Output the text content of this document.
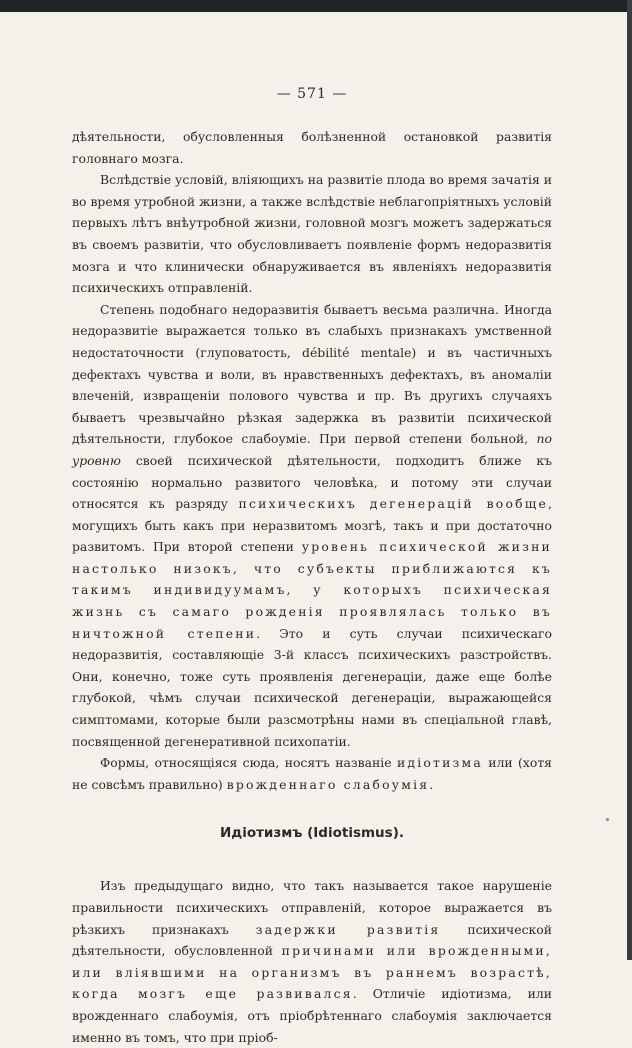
— 571 —

дѣятельности, обусловленныя болѣзненной остановкой развитія головнаго мозга.

Вслѣдствіе условій, вліяющихъ на развитіе плода во время зачатія и во время утробной жизни, а также вслѣдствіе неблагопріятныхъ условій первыхъ лѣтъ внѣутробной жизни, головной мозгъ можетъ задержаться въ своемъ развитіи, что обусловливаетъ появленіе формъ недоразвитія мозга и что клинически обнаруживается въ явленіяхъ недоразвитія психическихъ отправленій.

Степень подобнаго недоразвитія бываетъ весьма различна. Иногда недоразвитіе выражается только въ слабыхъ признакахъ умственной недостаточности (глуповатость, débilité mentale) и въ частичныхъ дефектахъ чувства и воли, въ нравственныхъ дефектахъ, въ аномаліи влеченій, извращеніи полового чувства и пр. Въ другихъ случаяхъ бываетъ чрезвычайно рѣзкая задержка въ развитіи психической дѣятельности, глубокое слабоуміе. При первой степени больной, по уровню своей психической дѣятельности, подходитъ ближе къ состоянію нормально развитого человѣка, и потому эти случаи относятся къ разряду психическихъ дегенерацій вообще, могущихъ быть какъ при неразвитомъ мозгѣ, такъ и при достаточно развитомъ. При второй степени уровень психической жизни настолько низокъ, что субъекты приближаются къ такимъ индивидуумамъ, у которыхъ психическая жизнь съ самаго рожденія проявлялась только въ ничтожной степени. Это и суть случаи психическаго недоразвитія, составляющіе 3-й классъ психическихъ разстройствъ. Они, конечно, тоже суть проявленія дегенераціи, даже еще болѣе глубокой, чѣмъ случаи психической дегенераціи, выражающейся симптомами, которые были разсмотрѣны нами въ спеціальной главѣ, посвященной дегенеративной психопатіи.

Формы, относящіяся сюда, носятъ названіе идіотизма или (хотя не совсѣмъ правильно) врожденнаго слабоумія.

Идіотизмъ (Idiotismus).

Изъ предыдущаго видно, что такъ называется такое нарушеніе правильности психическихъ отправленій, которое выражается въ рѣзкихъ признакахъ задержки развитія психической дѣятельности, обусловленной причинами или врожденными, или вліявшими на организмъ въ раннемъ возрастѣ, когда мозгъ еще развивался. Отличіе идіотизма, или врожденнаго слабоумія, отъ пріобрѣтеннаго слабоумія заключается именно въ томъ, что при пріоб-
